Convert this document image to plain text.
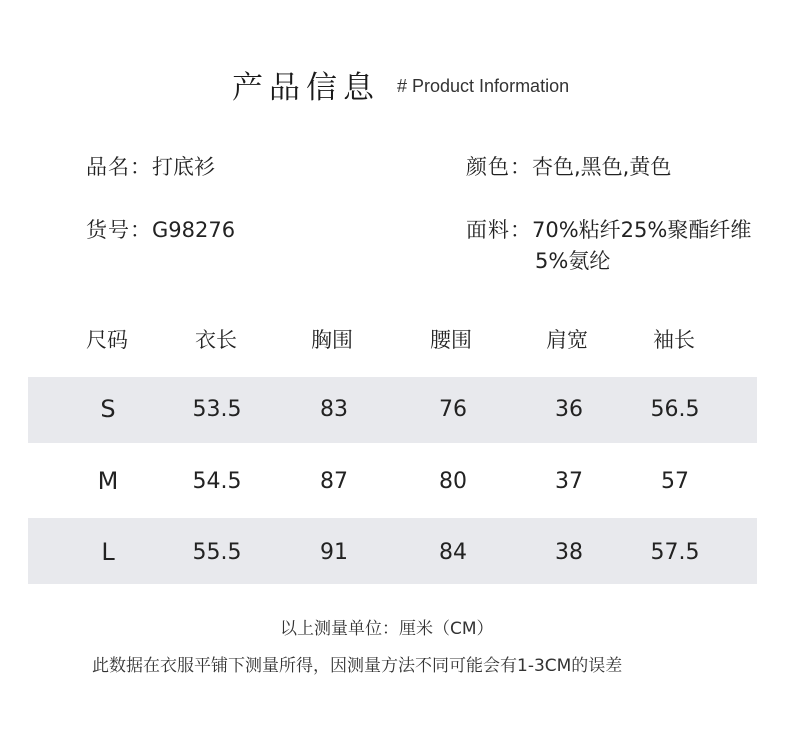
产品信息 # Product Information
品名：打底衫	颜色：杏色,黑色,黄色
货号：G98276	面料：70%粘纤25%聚酯纤维
5%氨纶
尺码	衣长	胸围	腰围	肩宽	袖长
S	53.5	83	76	36	56.5
M	54.5	87	80	37	57
L	55.5	91	84	38	57.5
以上测量单位：厘米（CM）
此数据在衣服平铺下测量所得，因测量方法不同可能会有1-3CM的误差
